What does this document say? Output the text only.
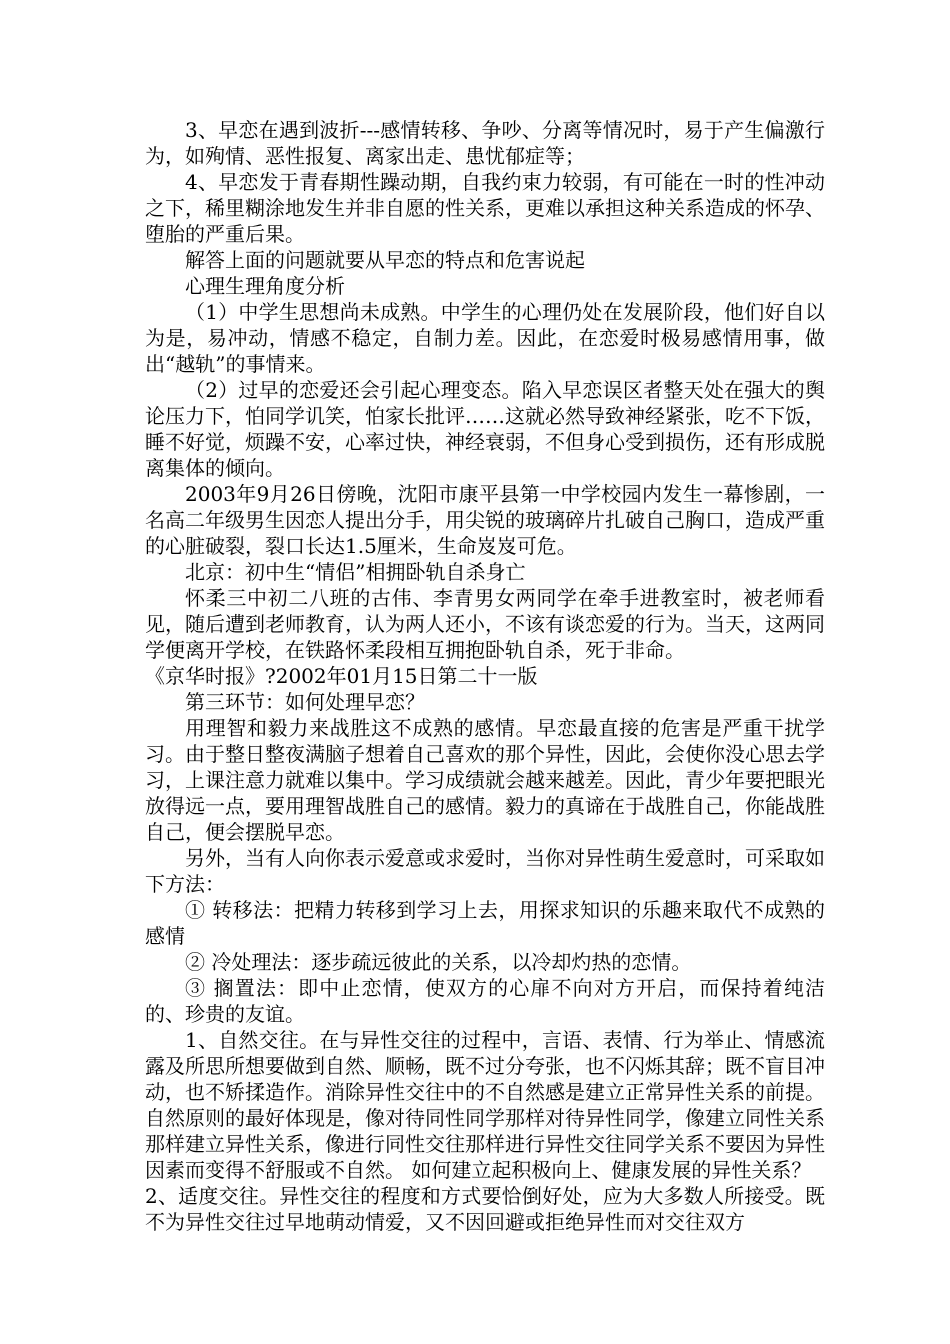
3、早恋在遇到波折---感情转移、争吵、分离等情况时，易于产生偏激行为，如殉情、恶性报复、离家出走、患忧郁症等；

4、早恋发于青春期性躁动期，自我约束力较弱，有可能在一时的性冲动之下，稀里糊涂地发生并非自愿的性关系，更难以承担这种关系造成的怀孕、堕胎的严重后果。

解答上面的问题就要从早恋的特点和危害说起

心理生理角度分析

（1）中学生思想尚未成熟。中学生的心理仍处在发展阶段，他们好自以为是，易冲动，情感不稳定，自制力差。因此，在恋爱时极易感情用事，做出“越轨”的事情来。

（2）过早的恋爱还会引起心理变态。陷入早恋误区者整天处在强大的舆论压力下，怕同学讥笑，怕家长批评……这就必然导致神经紧张，吃不下饭，睡不好觉，烦躁不安，心率过快，神经衰弱，不但身心受到损伤，还有形成脱离集体的倾向。

2003年9月26日傍晚，沈阳市康平县第一中学校园内发生一幕惨剧，一名高二年级男生因恋人提出分手，用尖锐的玻璃碎片扎破自己胸口，造成严重的心脏破裂，裂口长达1.5厘米，生命岌岌可危。

北京：初中生“情侣”相拥卧轨自杀身亡

怀柔三中初二八班的古伟、李青男女两同学在牵手进教室时，被老师看见，随后遭到老师教育，认为两人还小，不该有谈恋爱的行为。当天，这两同学便离开学校，在铁路怀柔段相互拥抱卧轨自杀，死于非命。

《京华时报》?2002年01月15日第二十一版

第三环节：如何处理早恋？

用理智和毅力来战胜这不成熟的感情。早恋最直接的危害是严重干扰学习。由于整日整夜满脑子想着自己喜欢的那个异性，因此，会使你没心思去学习，上课注意力就难以集中。学习成绩就会越来越差。因此，青少年要把眼光放得远一点，要用理智战胜自己的感情。毅力的真谛在于战胜自己，你能战胜自己，便会摆脱早恋。

另外，当有人向你表示爱意或求爱时，当你对异性萌生爱意时，可采取如下方法：

① 转移法：把精力转移到学习上去，用探求知识的乐趣来取代不成熟的感情

② 冷处理法：逐步疏远彼此的关系，以冷却灼热的恋情。

③ 搁置法：即中止恋情，使双方的心扉不向对方开启，而保持着纯洁的、珍贵的友谊。

1、自然交往。在与异性交往的过程中，言语、表情、行为举止、情感流露及所思所想要做到自然、顺畅，既不过分夸张，也不闪烁其辞；既不盲目冲动，也不矫揉造作。消除异性交往中的不自然感是建立正常异性关系的前提。自然原则的最好体现是，像对待同性同学那样对待异性同学，像建立同性关系那样建立异性关系，像进行同性交往那样进行异性交往同学关系不要因为异性因素而变得不舒服或不自然。 如何建立起积极向上、健康发展的异性关系？

2、适度交往。异性交往的程度和方式要恰倒好处，应为大多数人所接受。既不为异性交往过早地萌动情爱，又不因回避或拒绝异性而对交往双方
